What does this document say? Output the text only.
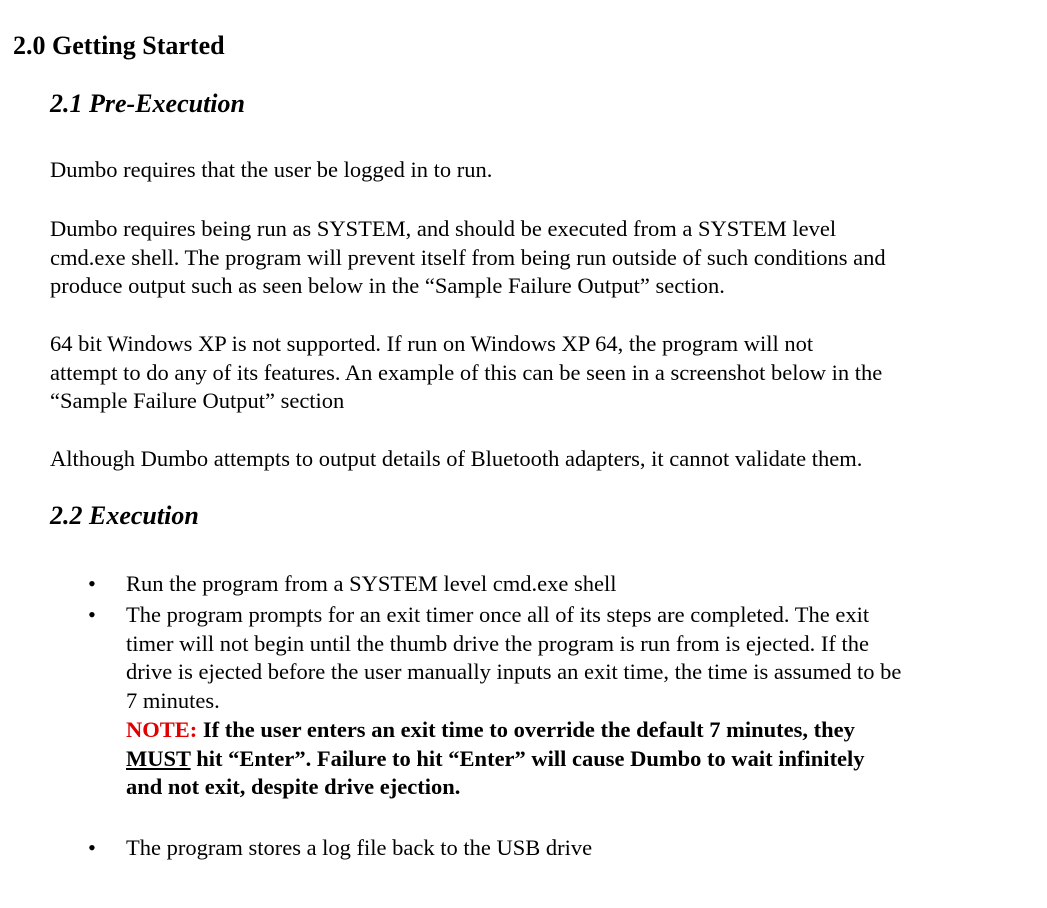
2.0 Getting Started
2.1 Pre-Execution
Dumbo requires that the user be logged in to run.
Dumbo requires being run as SYSTEM, and should be executed from a SYSTEM level
cmd.exe shell. The program will prevent itself from being run outside of such conditions and
produce output such as seen below in the “Sample Failure Output” section.
64 bit Windows XP is not supported. If run on Windows XP 64, the program will not
attempt to do any of its features. An example of this can be seen in a screenshot below in the
“Sample Failure Output” section
Although Dumbo attempts to output details of Bluetooth adapters, it cannot validate them.
2.2 Execution
• Run the program from a SYSTEM level cmd.exe shell
• The program prompts for an exit timer once all of its steps are completed. The exit
timer will not begin until the thumb drive the program is run from is ejected. If the
drive is ejected before the user manually inputs an exit time, the time is assumed to be
7 minutes.
NOTE: If the user enters an exit time to override the default 7 minutes, they
MUST hit “Enter”. Failure to hit “Enter” will cause Dumbo to wait infinitely
and not exit, despite drive ejection.
• The program stores a log file back to the USB drive
